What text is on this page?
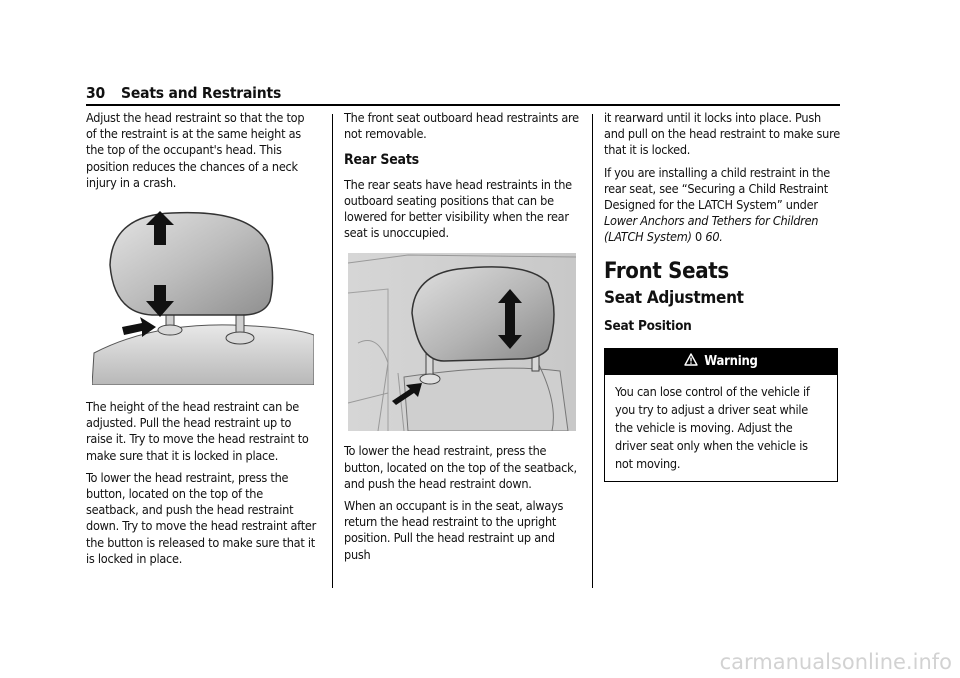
30 Seats and Restraints

Adjust the head restraint so that the top of the restraint is at the same height as the top of the occupant's head. This position reduces the chances of a neck injury in a crash.

The height of the head restraint can be adjusted. Pull the head restraint up to raise it. Try to move the head restraint to make sure that it is locked in place.

To lower the head restraint, press the button, located on the top of the seatback, and push the head restraint down. Try to move the head restraint after the button is released to make sure that it is locked in place.

The front seat outboard head restraints are not removable.

Rear Seats

The rear seats have head restraints in the outboard seating positions that can be lowered for better visibility when the rear seat is unoccupied.

To lower the head restraint, press the button, located on the top of the seatback, and push the head restraint down.

When an occupant is in the seat, always return the head restraint to the upright position. Pull the head restraint up and push

it rearward until it locks into place. Push and pull on the head restraint to make sure that it is locked.

If you are installing a child restraint in the rear seat, see “Securing a Child Restraint Designed for the LATCH System” under Lower Anchors and Tethers for Children (LATCH System) 0 60.

Front Seats
Seat Adjustment
Seat Position
Warning
You can lose control of the vehicle if you try to adjust a driver seat while the vehicle is moving. Adjust the driver seat only when the vehicle is not moving.
carmanualsonline.info
